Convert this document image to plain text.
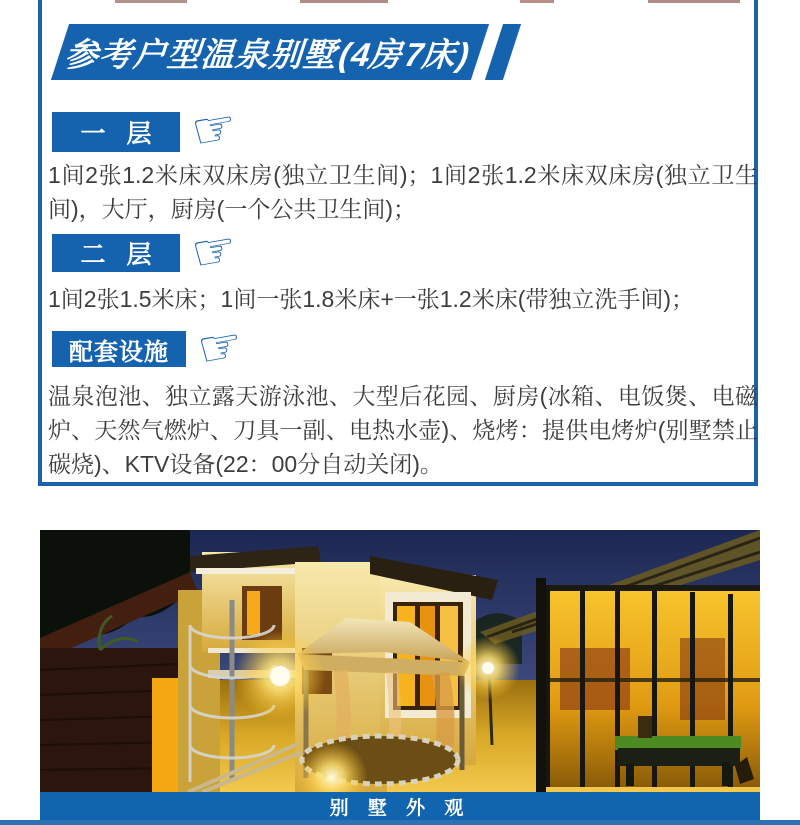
参考户型温泉别墅(4房7床)
一 层 ☞
1间2张1.2米床双床房(独立卫生间)；1间2张1.2米床双床房(独立卫生间)，大厅，厨房(一个公共卫生间)；
二 层 ☞
1间2张1.5米床；1间一张1.8米床+一张1.2米床(带独立洗手间)；
配套设施 ☞
温泉泡池、独立露天游泳池、大型后花园、厨房(冰箱、电饭煲、电磁炉、天然气燃炉、刀具一副、电热水壶)、烧烤：提供电烤炉(别墅禁止碳烧)、KTV设备(22：00分自动关闭)。
别 墅 外 观
